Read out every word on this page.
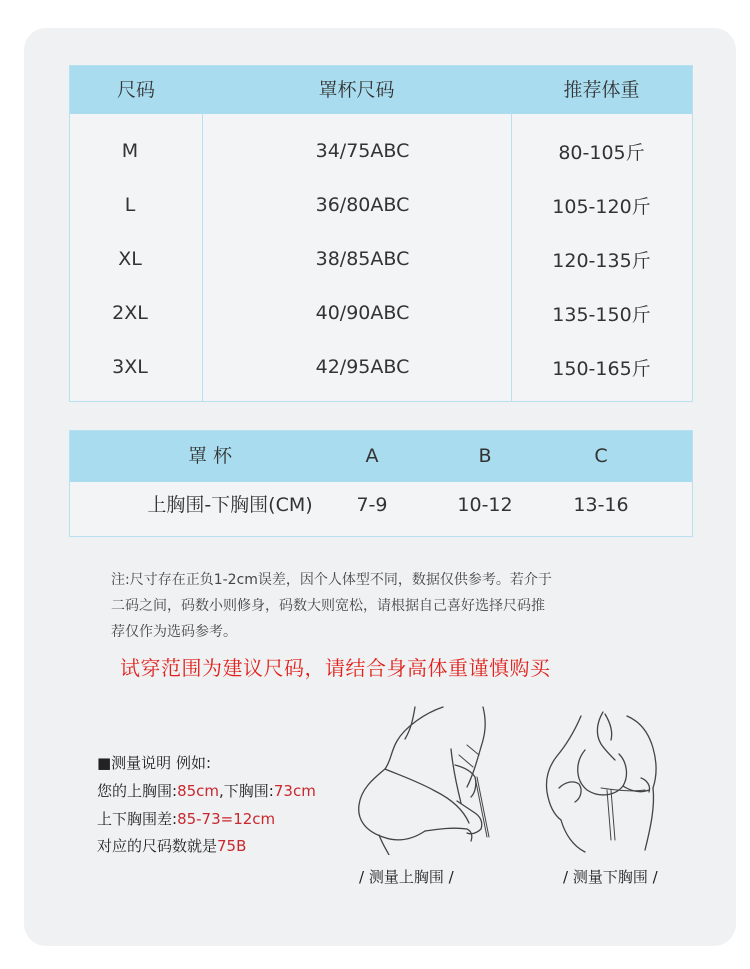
尺码	罩杯尺码	推荐体重
M	34/75ABC	80-105斤
L	36/80ABC	105-120斤
XL	38/85ABC	120-135斤
2XL	40/90ABC	135-150斤
3XL	42/95ABC	150-165斤
罩 杯	A	B	C
上胸围-下胸围(CM)	7-9	10-12	13-16
注:尺寸存在正负1-2cm误差，因个人体型不同，数据仅供参考。若介于
二码之间，码数小则修身，码数大则宽松，请根据自己喜好选择尺码推
荐仅作为选码参考。
试穿范围为建议尺码，请结合身高体重谨慎购买
■测量说明 例如:
您的上胸围:85cm,下胸围:73cm
上下胸围差:85-73=12cm
对应的尺码数就是75B
/ 测量上胸围 /	/ 测量下胸围 /
